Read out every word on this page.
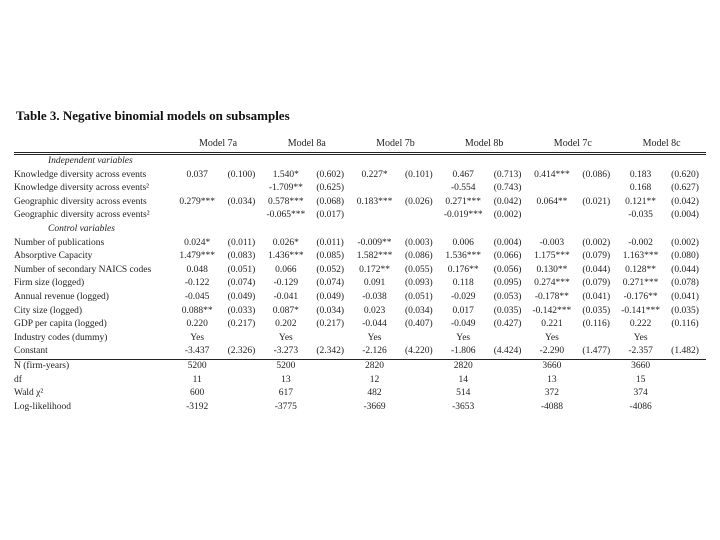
Table 3. Negative binomial models on subsamples
	Model 7a		Model 8a		Model 7b		Model 8b		Model 7c		Model 8c	
Independent variables												
Knowledge diversity across events	0.037	(0.100)	1.540*	(0.602)	0.227*	(0.101)	0.467	(0.713)	0.414***	(0.086)	0.183	(0.620)
Knowledge diversity across events²			-1.709**	(0.625)			-0.554	(0.743)			0.168	(0.627)
Geographic diversity across events	0.279***	(0.034)	0.578***	(0.068)	0.183***	(0.026)	0.271***	(0.042)	0.064**	(0.021)	0.121**	(0.042)
Geographic diversity across events²			-0.065***	(0.017)			-0.019***	(0.002)			-0.035	(0.004)
Control variables												
Number of publications	0.024*	(0.011)	0.026*	(0.011)	-0.009**	(0.003)	0.006	(0.004)	-0.003	(0.002)	-0.002	(0.002)
Absorptive Capacity	1.479***	(0.083)	1.436***	(0.085)	1.582***	(0.086)	1.536***	(0.066)	1.175***	(0.079)	1.163***	(0.080)
Number of secondary NAICS codes	0.048	(0.051)	0.066	(0.052)	0.172**	(0.055)	0.176**	(0.056)	0.130**	(0.044)	0.128**	(0.044)
Firm size (logged)	-0.122	(0.074)	-0.129	(0.074)	0.091	(0.093)	0.118	(0.095)	0.274***	(0.079)	0.271***	(0.078)
Annual revenue (logged)	-0.045	(0.049)	-0.041	(0.049)	-0.038	(0.051)	-0.029	(0.053)	-0.178**	(0.041)	-0.176**	(0.041)
City size (logged)	0.088**	(0.033)	0.087*	(0.034)	0.023	(0.034)	0.017	(0.035)	-0.142***	(0.035)	-0.141***	(0.035)
GDP per capita (logged)	0.220	(0.217)	0.202	(0.217)	-0.044	(0.407)	-0.049	(0.427)	0.221	(0.116)	0.222	(0.116)
Industry codes (dummy)	Yes		Yes		Yes		Yes		Yes		Yes	
Constant	-3.437	(2.326)	-3.273	(2.342)	-2.126	(4.220)	-1.806	(4.424)	-2.290	(1.477)	-2.357	(1.482)
N (firm-years)	5200		5200		2820		2820		3660		3660	
df	11		13		12		14		13		15	
Wald χ²	600		617		482		514		372		374	
Log-likelihood	-3192		-3775		-3669		-3653		-4088		-4086	
